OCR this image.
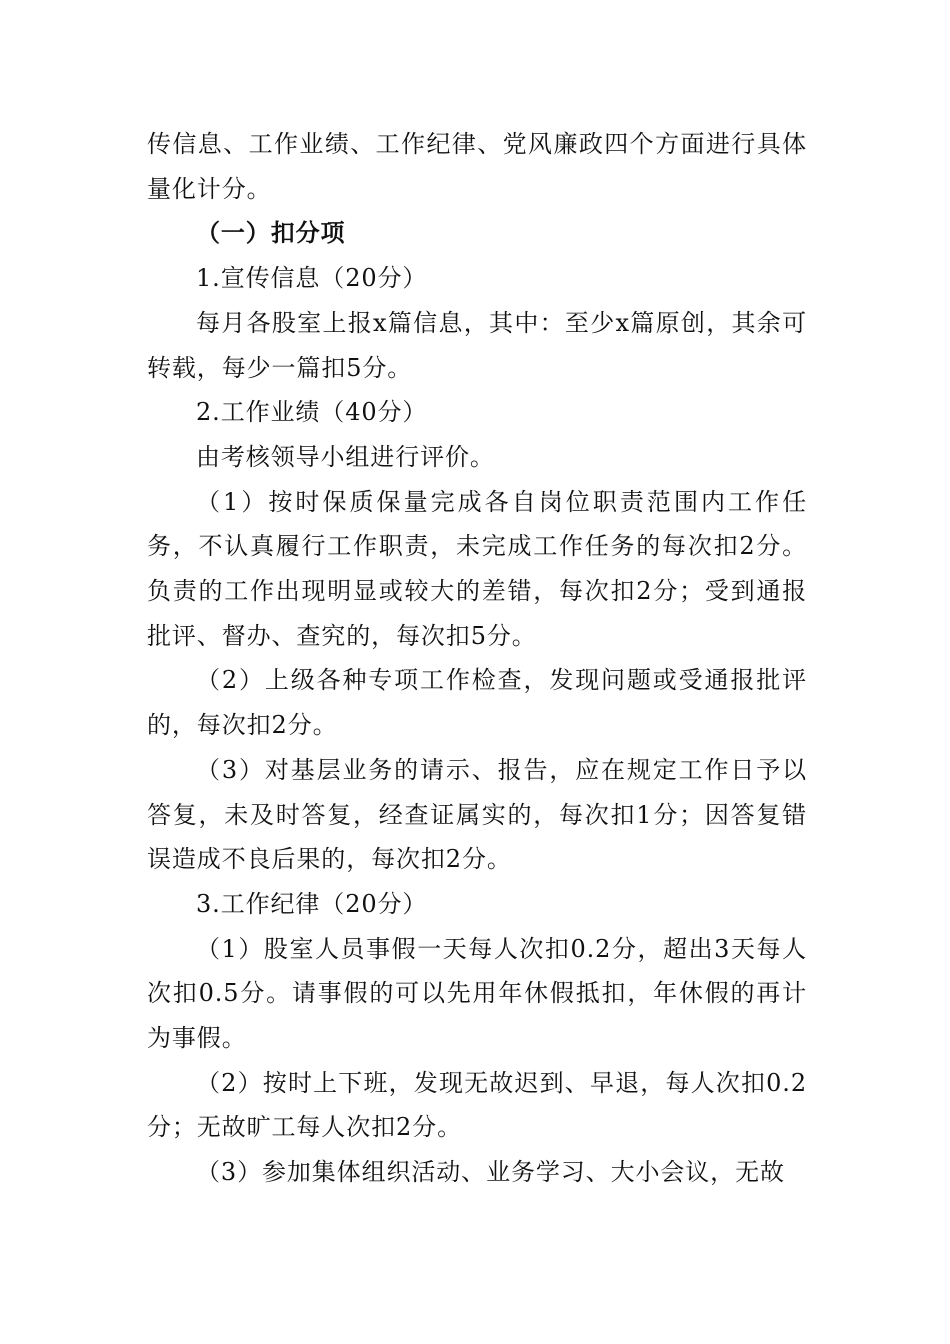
传信息、工作业绩、工作纪律、党风廉政四个方面进行具体量化计分。

（一）扣分项

1.宣传信息（20分）

每月各股室上报x篇信息，其中：至少x篇原创，其余可转载，每少一篇扣5分。

2.工作业绩（40分）

由考核领导小组进行评价。

（1）按时保质保量完成各自岗位职责范围内工作任务，不认真履行工作职责，未完成工作任务的每次扣2分。负责的工作出现明显或较大的差错，每次扣2分；受到通报批评、督办、查究的，每次扣5分。

（2）上级各种专项工作检查，发现问题或受通报批评的，每次扣2分。

（3）对基层业务的请示、报告，应在规定工作日予以答复，未及时答复，经查证属实的，每次扣1分；因答复错误造成不良后果的，每次扣2分。

3.工作纪律（20分）

（1）股室人员事假一天每人次扣0.2分，超出3天每人次扣0.5分。请事假的可以先用年休假抵扣，年休假的再计为事假。

（2）按时上下班，发现无故迟到、早退，每人次扣0.2分；无故旷工每人次扣2分。

（3）参加集体组织活动、业务学习、大小会议，无故
